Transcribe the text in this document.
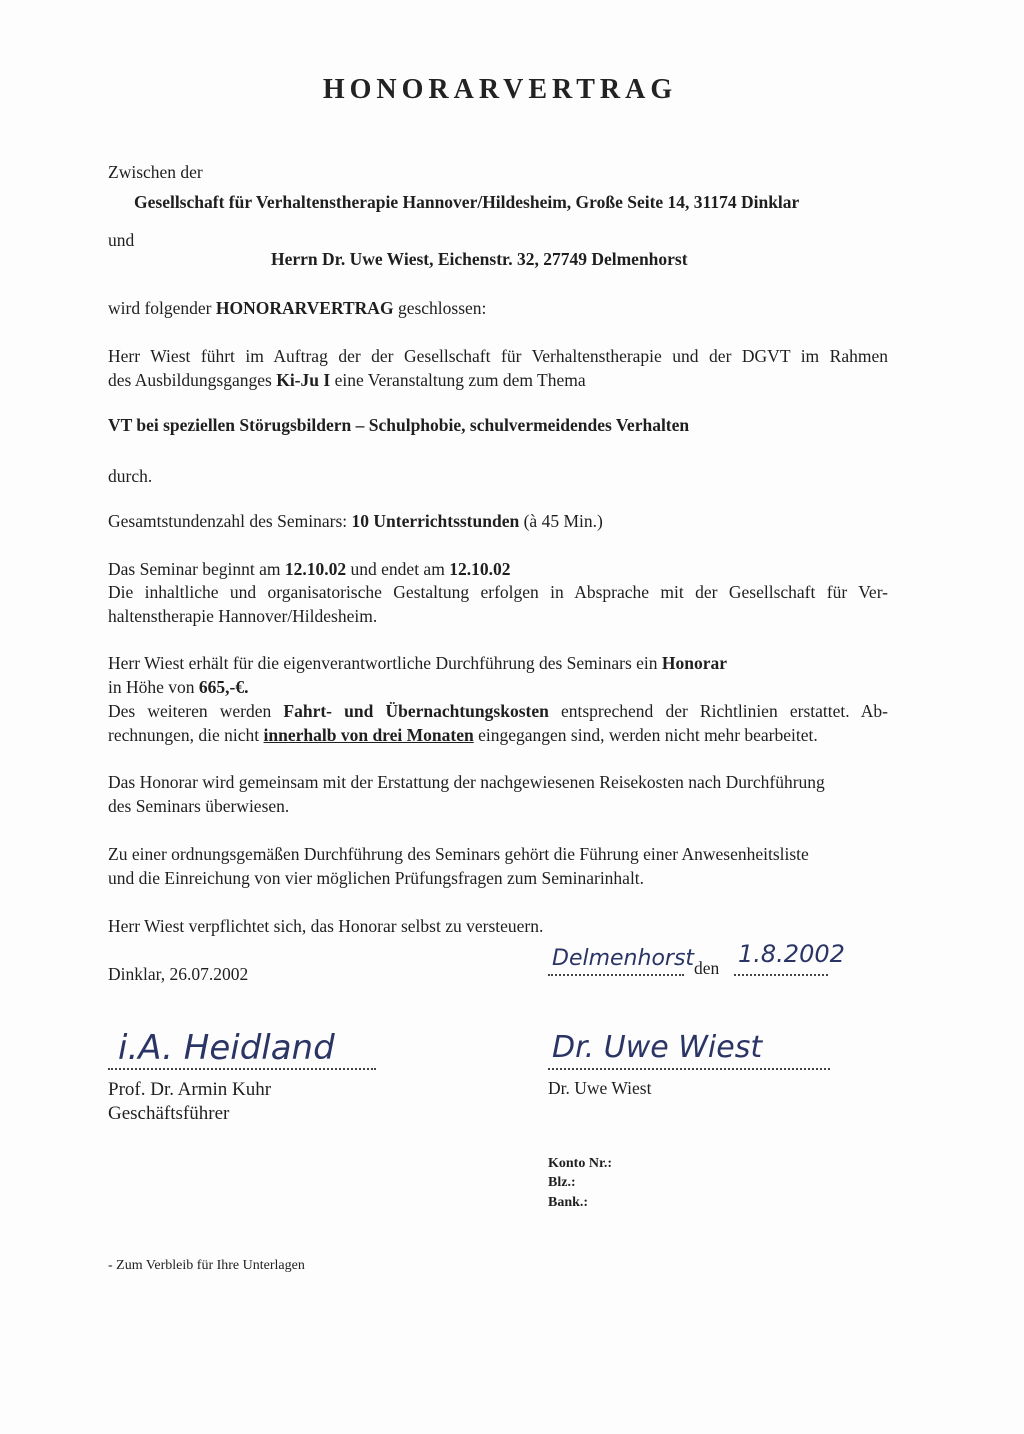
HONORARVERTRAG
Zwischen der
Gesellschaft für Verhaltenstherapie Hannover/Hildesheim, Große Seite 14, 31174 Dinklar
und
Herrn Dr. Uwe Wiest, Eichenstr. 32, 27749 Delmenhorst
wird folgender HONORARVERTRAG geschlossen:
Herr Wiest führt im Auftrag der der Gesellschaft für Verhaltenstherapie und der DGVT im Rahmen
des Ausbildungsganges Ki-Ju I eine Veranstaltung zum dem Thema
VT bei speziellen Störugsbildern – Schulphobie, schulvermeidendes Verhalten
durch.
Gesamtstundenzahl des Seminars: 10 Unterrichtsstunden (à 45 Min.)
Das Seminar beginnt am 12.10.02 und endet am 12.10.02
Die inhaltliche und organisatorische Gestaltung erfolgen in Absprache mit der Gesellschaft für Ver-
haltenstherapie Hannover/Hildesheim.
Herr Wiest erhält für die eigenverantwortliche Durchführung des Seminars ein Honorar
in Höhe von 665,-€.
Des weiteren werden Fahrt- und Übernachtungskosten entsprechend der Richtlinien erstattet. Ab-
rechnungen, die nicht innerhalb von drei Monaten eingegangen sind, werden nicht mehr bearbeitet.
Das Honorar wird gemeinsam mit der Erstattung der nachgewiesenen Reisekosten nach Durchführung
des Seminars überwiesen.
Zu einer ordnungsgemäßen Durchführung des Seminars gehört die Führung einer Anwesenheitsliste
und die Einreichung von vier möglichen Prüfungsfragen zum Seminarinhalt.
Herr Wiest verpflichtet sich, das Honorar selbst zu versteuern.
Dinklar, 26.07.2002
Delmenhorst den 1.8.2002
i.A. Heidland
Prof. Dr. Armin Kuhr
Geschäftsführer
Dr. Uwe Wiest
Dr. Uwe Wiest
Konto Nr.:
Blz.:
Bank.:
- Zum Verbleib für Ihre Unterlagen
